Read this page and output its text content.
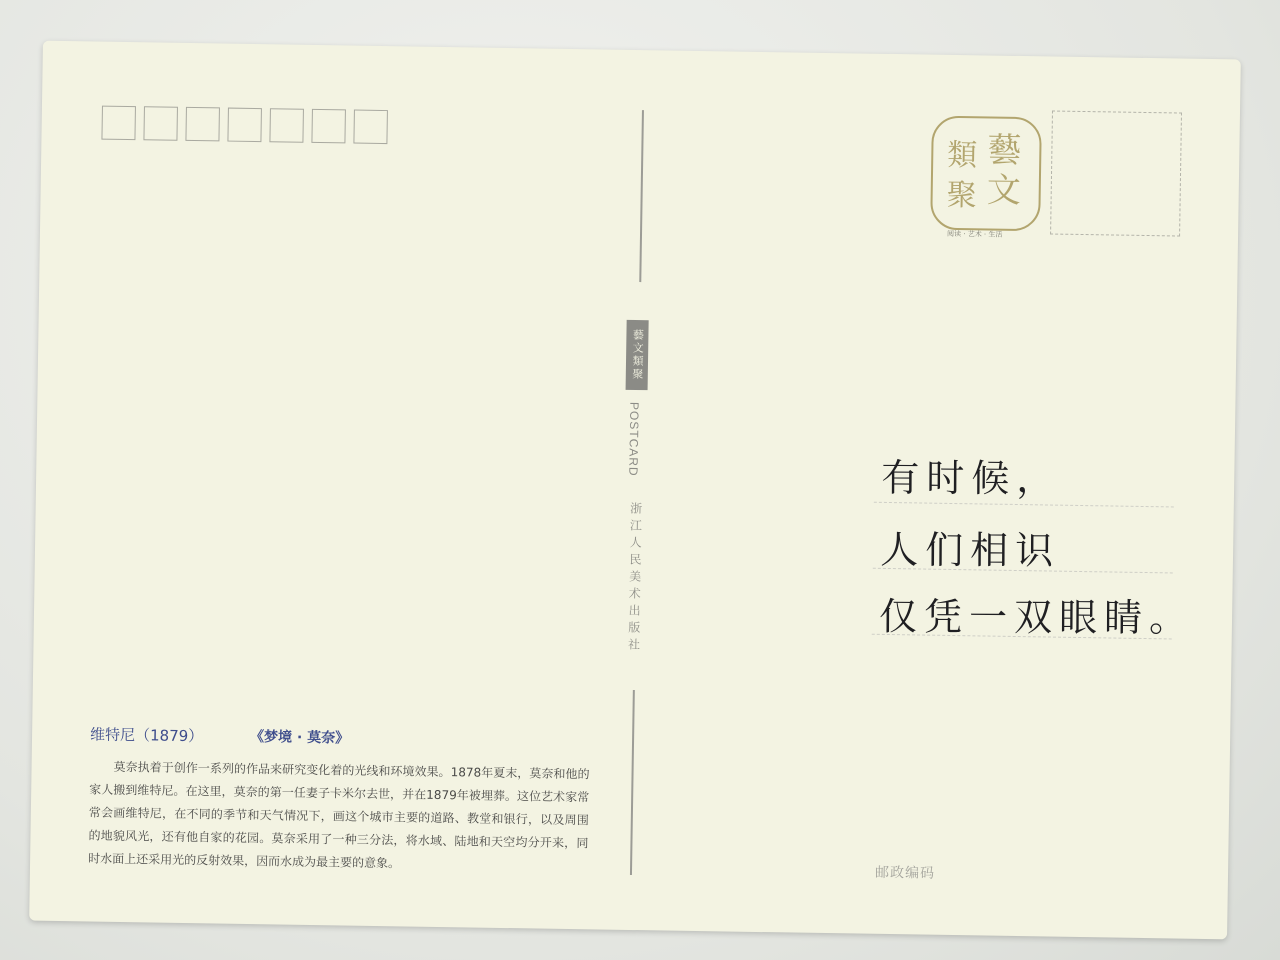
藝文類聚
POSTCARD
浙江人民美术出版社
藝
文
類
聚
阅读 · 艺术 · 生活
有时候，
人们相识
仅凭一双眼睛。
维特尼（1879）	《梦境 · 莫奈》
莫奈执着于创作一系列的作品来研究变化着的光线和环境效果。1878年夏末，莫奈和他的家人搬到维特尼。在这里，莫奈的第一任妻子卡米尔去世，并在1879年被埋葬。这位艺术家常常会画维特尼，在不同的季节和天气情况下，画这个城市主要的道路、教堂和银行，以及周围的地貌风光，还有他自家的花园。莫奈采用了一种三分法，将水域、陆地和天空均分开来，同时水面上还采用光的反射效果，因而水成为最主要的意象。
邮政编码
